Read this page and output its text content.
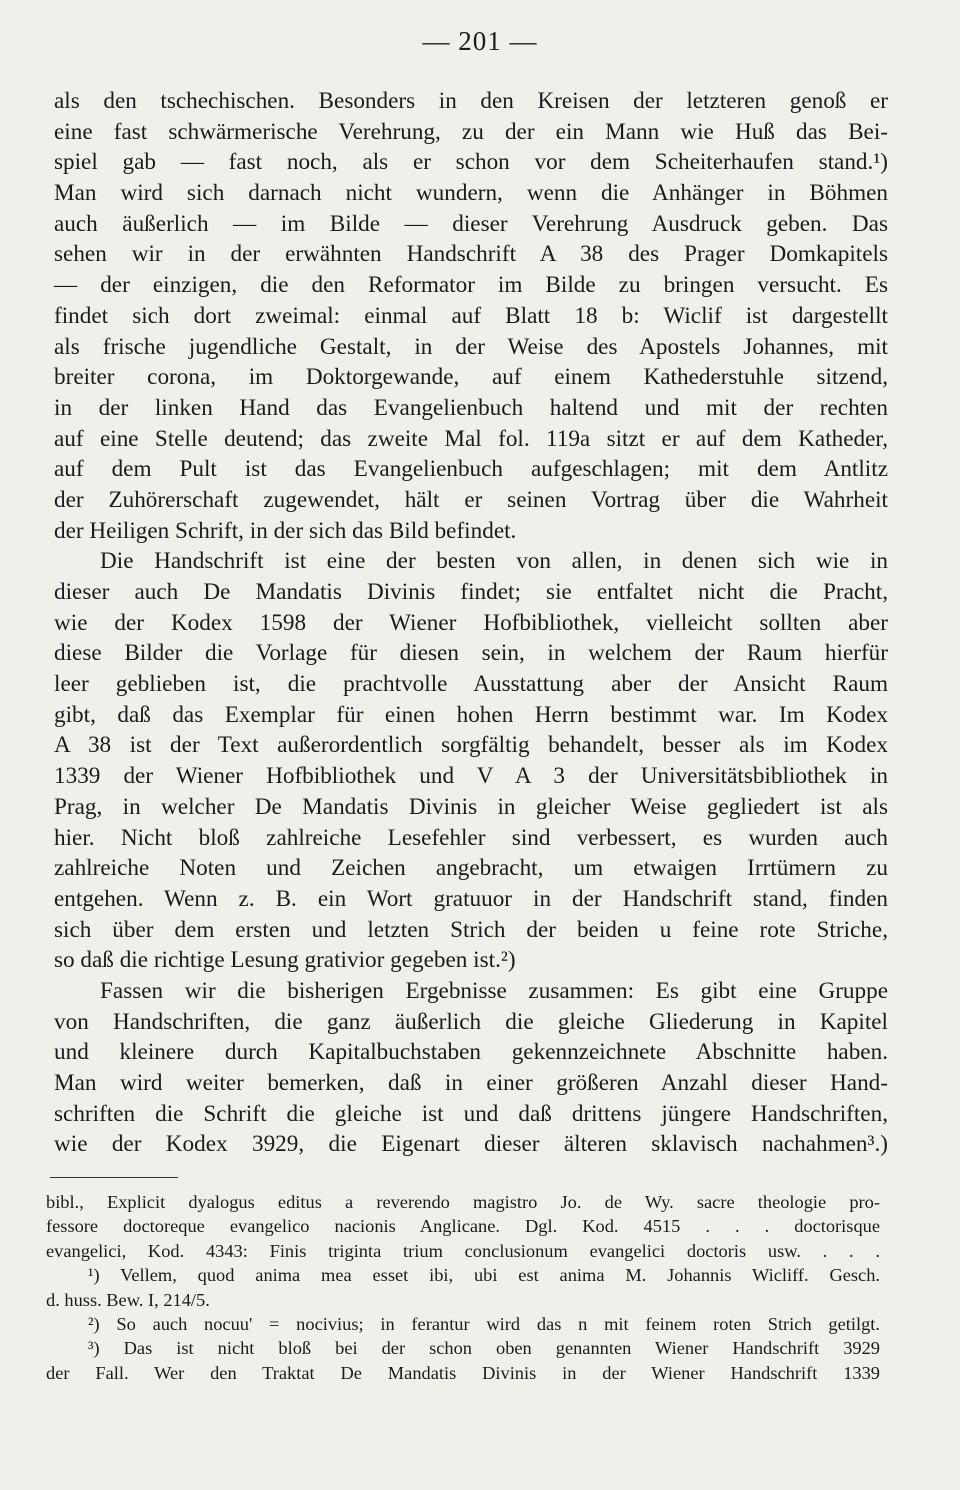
— 201 —
als den tschechischen. Besonders in den Kreisen der letzteren genoß er
eine fast schwärmerische Verehrung, zu der ein Mann wie Huß das Bei-
spiel gab — fast noch, als er schon vor dem Scheiterhaufen stand.¹)
Man wird sich darnach nicht wundern, wenn die Anhänger in Böhmen
auch äußerlich — im Bilde — dieser Verehrung Ausdruck geben. Das
sehen wir in der erwähnten Handschrift A 38 des Prager Domkapitels
— der einzigen, die den Reformator im Bilde zu bringen versucht. Es
findet sich dort zweimal: einmal auf Blatt 18 b: Wiclif ist dargestellt
als frische jugendliche Gestalt, in der Weise des Apostels Johannes, mit
breiter corona, im Doktorgewande, auf einem Kathederstuhle sitzend,
in der linken Hand das Evangelienbuch haltend und mit der rechten
auf eine Stelle deutend; das zweite Mal fol. 119a sitzt er auf dem Katheder,
auf dem Pult ist das Evangelienbuch aufgeschlagen; mit dem Antlitz
der Zuhörerschaft zugewendet, hält er seinen Vortrag über die Wahrheit
der Heiligen Schrift, in der sich das Bild befindet.
Die Handschrift ist eine der besten von allen, in denen sich wie in
dieser auch De Mandatis Divinis findet; sie entfaltet nicht die Pracht,
wie der Kodex 1598 der Wiener Hofbibliothek, vielleicht sollten aber
diese Bilder die Vorlage für diesen sein, in welchem der Raum hierfür
leer geblieben ist, die prachtvolle Ausstattung aber der Ansicht Raum
gibt, daß das Exemplar für einen hohen Herrn bestimmt war. Im Kodex
A 38 ist der Text außerordentlich sorgfältig behandelt, besser als im Kodex
1339 der Wiener Hofbibliothek und V A 3 der Universitätsbibliothek in
Prag, in welcher De Mandatis Divinis in gleicher Weise gegliedert ist als
hier. Nicht bloß zahlreiche Lesefehler sind verbessert, es wurden auch
zahlreiche Noten und Zeichen angebracht, um etwaigen Irrtümern zu
entgehen. Wenn z. B. ein Wort gratuuor in der Handschrift stand, finden
sich über dem ersten und letzten Strich der beiden u feine rote Striche,
so daß die richtige Lesung grativior gegeben ist.²)
Fassen wir die bisherigen Ergebnisse zusammen: Es gibt eine Gruppe
von Handschriften, die ganz äußerlich die gleiche Gliederung in Kapitel
und kleinere durch Kapitalbuchstaben gekennzeichnete Abschnitte haben.
Man wird weiter bemerken, daß in einer größeren Anzahl dieser Hand-
schriften die Schrift die gleiche ist und daß drittens jüngere Handschriften,
wie der Kodex 3929, die Eigenart dieser älteren sklavisch nachahmen³.)
bibl., Explicit dyalogus editus a reverendo magistro Jo. de Wy. sacre theologie pro-
fessore doctoreque evangelico nacionis Anglicane. Dgl. Kod. 4515 . . . doctorisque
evangelici, Kod. 4343: Finis triginta trium conclusionum evangelici doctoris usw. . . .
¹) Vellem, quod anima mea esset ibi, ubi est anima M. Johannis Wicliff. Gesch.
d. huss. Bew. I, 214/5.
²) So auch nocuu' = nocivius; in ferantur wird das n mit feinem roten Strich getilgt.
³) Das ist nicht bloß bei der schon oben genannten Wiener Handschrift 3929
der Fall. Wer den Traktat De Mandatis Divinis in der Wiener Handschrift 1339
